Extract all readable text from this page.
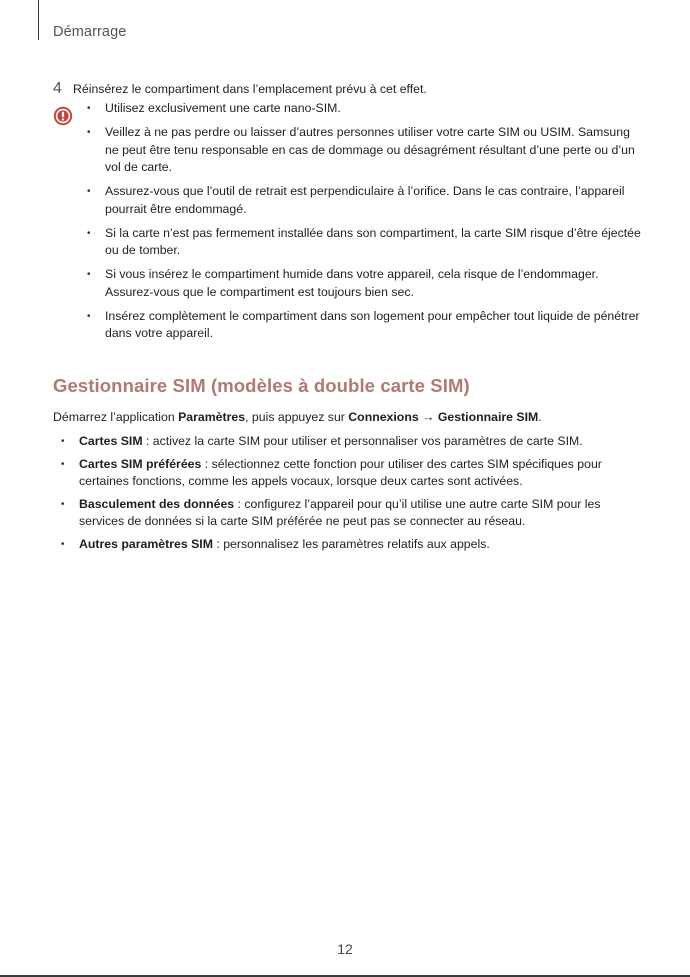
Démarrage
4 Réinsérez le compartiment dans l’emplacement prévu à cet effet.
• Utilisez exclusivement une carte nano-SIM.
• Veillez à ne pas perdre ou laisser d’autres personnes utiliser votre carte SIM ou USIM. Samsung ne peut être tenu responsable en cas de dommage ou désagrément résultant d’une perte ou d’un vol de carte.
• Assurez-vous que l’outil de retrait est perpendiculaire à l’orifice. Dans le cas contraire, l’appareil pourrait être endommagé.
• Si la carte n’est pas fermement installée dans son compartiment, la carte SIM risque d’être éjectée ou de tomber.
• Si vous insérez le compartiment humide dans votre appareil, cela risque de l’endommager. Assurez-vous que le compartiment est toujours bien sec.
• Insérez complètement le compartiment dans son logement pour empêcher tout liquide de pénétrer dans votre appareil.
Gestionnaire SIM (modèles à double carte SIM)
Démarrez l’application Paramètres, puis appuyez sur Connexions → Gestionnaire SIM.
• Cartes SIM : activez la carte SIM pour utiliser et personnaliser vos paramètres de carte SIM.
• Cartes SIM préférées : sélectionnez cette fonction pour utiliser des cartes SIM spécifiques pour certaines fonctions, comme les appels vocaux, lorsque deux cartes sont activées.
• Basculement des données : configurez l’appareil pour qu’il utilise une autre carte SIM pour les services de données si la carte SIM préférée ne peut pas se connecter au réseau.
• Autres paramètres SIM : personnalisez les paramètres relatifs aux appels.
12
